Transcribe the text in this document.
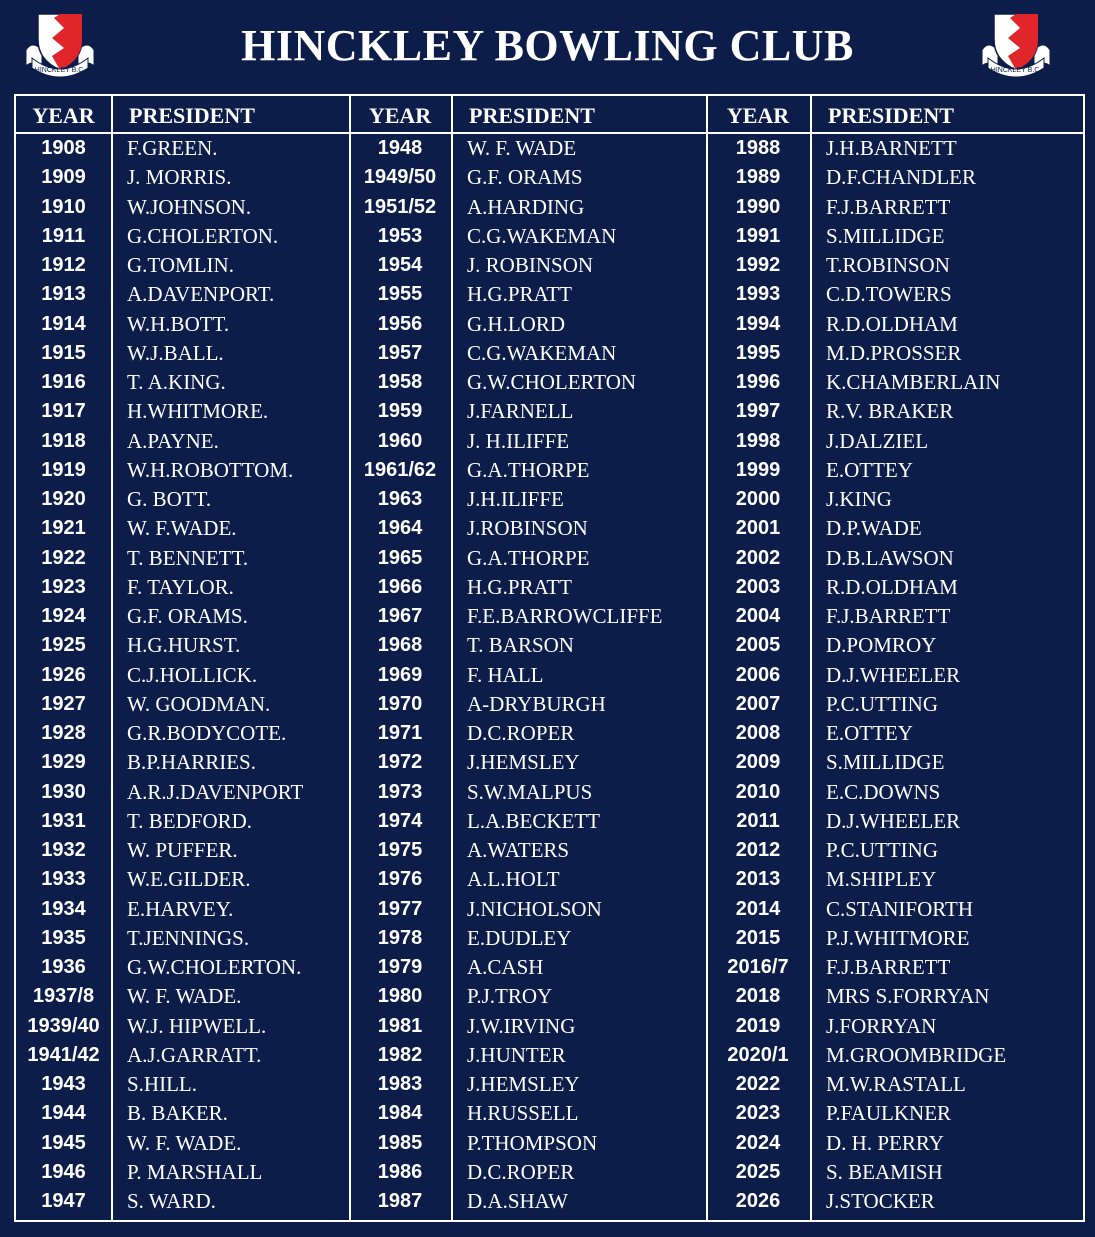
HINCKLEY B.C.
HINCKLEY BOWLING CLUB
HINCKLEY B.C.
YEAR	PRESIDENT
1908	F.GREEN.
1909	J. MORRIS.
1910	W.JOHNSON.
1911	G.CHOLERTON.
1912	G.TOMLIN.
1913	A.DAVENPORT.
1914	W.H.BOTT.
1915	W.J.BALL.
1916	T. A.KING.
1917	H.WHITMORE.
1918	A.PAYNE.
1919	W.H.ROBOTTOM.
1920	G. BOTT.
1921	W. F.WADE.
1922	T. BENNETT.
1923	F. TAYLOR.
1924	G.F. ORAMS.
1925	H.G.HURST.
1926	C.J.HOLLICK.
1927	W. GOODMAN.
1928	G.R.BODYCOTE.
1929	B.P.HARRIES.
1930	A.R.J.DAVENPORT
1931	T. BEDFORD.
1932	W. PUFFER.
1933	W.E.GILDER.
1934	E.HARVEY.
1935	T.JENNINGS.
1936	G.W.CHOLERTON.
1937/8	W. F. WADE.
1939/40	W.J. HIPWELL.
1941/42	A.J.GARRATT.
1943	S.HILL.
1944	B. BAKER.
1945	W. F. WADE.
1946	P. MARSHALL
1947	S. WARD.
YEAR	PRESIDENT
1948	W. F. WADE
1949/50	G.F. ORAMS
1951/52	A.HARDING
1953	C.G.WAKEMAN
1954	J. ROBINSON
1955	H.G.PRATT
1956	G.H.LORD
1957	C.G.WAKEMAN
1958	G.W.CHOLERTON
1959	J.FARNELL
1960	J. H.ILIFFE
1961/62	G.A.THORPE
1963	J.H.ILIFFE
1964	J.ROBINSON
1965	G.A.THORPE
1966	H.G.PRATT
1967	F.E.BARROWCLIFFE
1968	T. BARSON
1969	F. HALL
1970	A-DRYBURGH
1971	D.C.ROPER
1972	J.HEMSLEY
1973	S.W.MALPUS
1974	L.A.BECKETT
1975	A.WATERS
1976	A.L.HOLT
1977	J.NICHOLSON
1978	E.DUDLEY
1979	A.CASH
1980	P.J.TROY
1981	J.W.IRVING
1982	J.HUNTER
1983	J.HEMSLEY
1984	H.RUSSELL
1985	P.THOMPSON
1986	D.C.ROPER
1987	D.A.SHAW
YEAR	PRESIDENT
1988	J.H.BARNETT
1989	D.F.CHANDLER
1990	F.J.BARRETT
1991	S.MILLIDGE
1992	T.ROBINSON
1993	C.D.TOWERS
1994	R.D.OLDHAM
1995	M.D.PROSSER
1996	K.CHAMBERLAIN
1997	R.V. BRAKER
1998	J.DALZIEL
1999	E.OTTEY
2000	J.KING
2001	D.P.WADE
2002	D.B.LAWSON
2003	R.D.OLDHAM
2004	F.J.BARRETT
2005	D.POMROY
2006	D.J.WHEELER
2007	P.C.UTTING
2008	E.OTTEY
2009	S.MILLIDGE
2010	E.C.DOWNS
2011	D.J.WHEELER
2012	P.C.UTTING
2013	M.SHIPLEY
2014	C.STANIFORTH
2015	P.J.WHITMORE
2016/7	F.J.BARRETT
2018	MRS S.FORRYAN
2019	J.FORRYAN
2020/1	M.GROOMBRIDGE
2022	M.W.RASTALL
2023	P.FAULKNER
2024	D. H. PERRY
2025	S. BEAMISH
2026	J.STOCKER
